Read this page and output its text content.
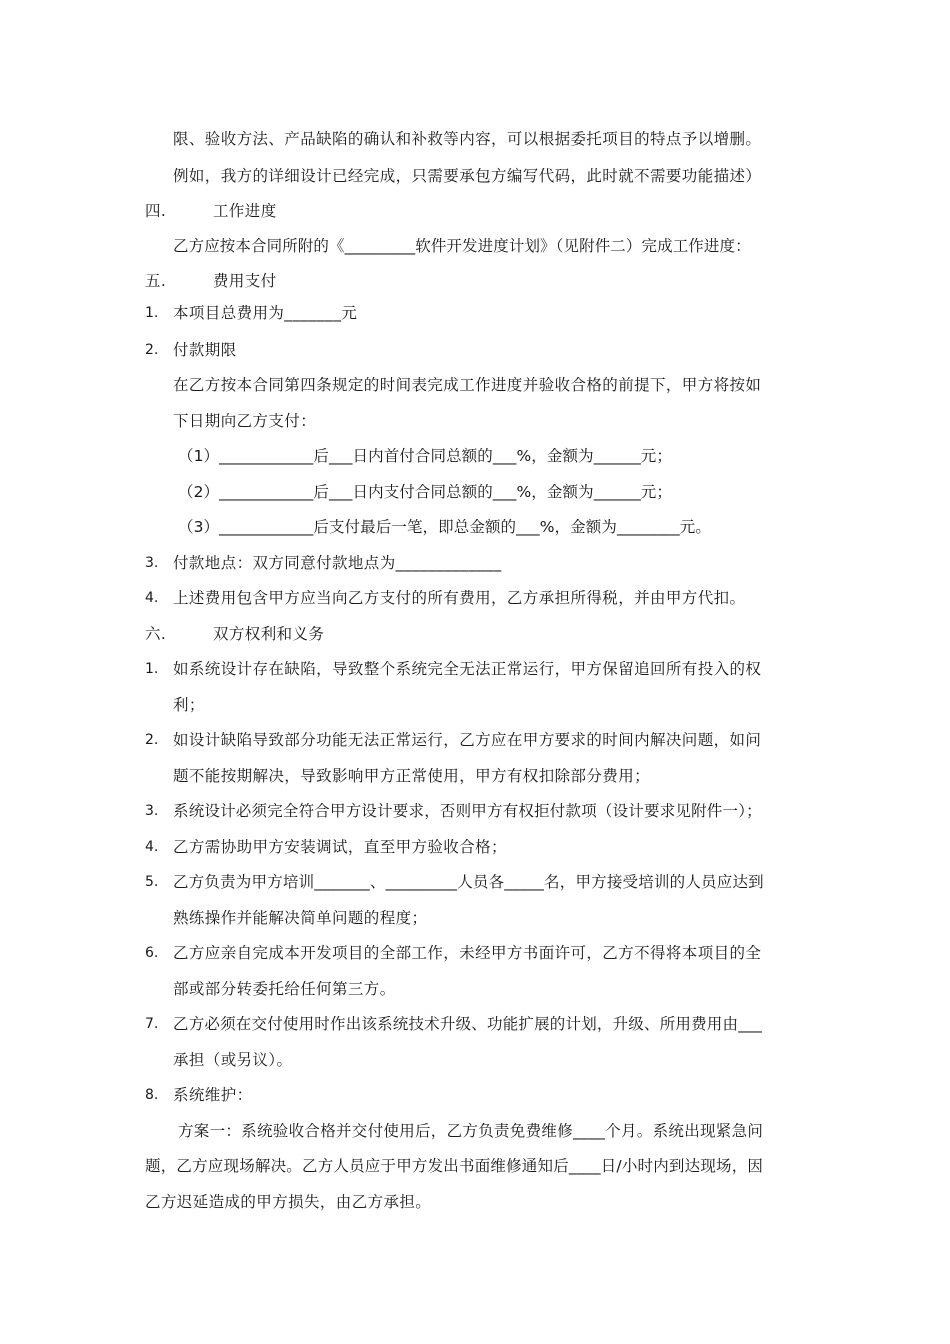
限、验收方法、产品缺陷的确认和补救等内容，可以根据委托项目的特点予以增删。
例如，我方的详细设计已经完成，只需要承包方编写代码，此时就不需要功能描述）
四.	工作进度
乙方应按本合同所附的《_________软件开发进度计划》（见附件二）完成工作进度：
五.	费用支付
1. 本项目总费用为_______元
2. 付款期限
在乙方按本合同第四条规定的时间表完成工作进度并验收合格的前提下，甲方将按如
下日期向乙方支付：
（1）____________后___日内首付合同总额的___%，金额为______元；
（2）____________后___日内支付合同总额的___%，金额为______元；
（3）____________后支付最后一笔，即总金额的___%，金额为________元。
3. 付款地点：双方同意付款地点为_____________
4. 上述费用包含甲方应当向乙方支付的所有费用，乙方承担所得税，并由甲方代扣。
六.	双方权利和义务
1. 如系统设计存在缺陷，导致整个系统完全无法正常运行，甲方保留追回所有投入的权
利；
2. 如设计缺陷导致部分功能无法正常运行，乙方应在甲方要求的时间内解决问题，如问
题不能按期解决，导致影响甲方正常使用，甲方有权扣除部分费用；
3. 系统设计必须完全符合甲方设计要求，否则甲方有权拒付款项（设计要求见附件一）；
4. 乙方需协助甲方安装调试，直至甲方验收合格；
5. 乙方负责为甲方培训_______、_________人员各_____名，甲方接受培训的人员应达到
熟练操作并能解决简单问题的程度；
6. 乙方应亲自完成本开发项目的全部工作，未经甲方书面许可，乙方不得将本项目的全
部或部分转委托给任何第三方。
7. 乙方必须在交付使用时作出该系统技术升级、功能扩展的计划，升级、所用费用由___
承担（或另议）。
8. 系统维护：
方案一：系统验收合格并交付使用后，乙方负责免费维修____个月。系统出现紧急问
题，乙方应现场解决。乙方人员应于甲方发出书面维修通知后____日/小时内到达现场，因
乙方迟延造成的甲方损失，由乙方承担。
